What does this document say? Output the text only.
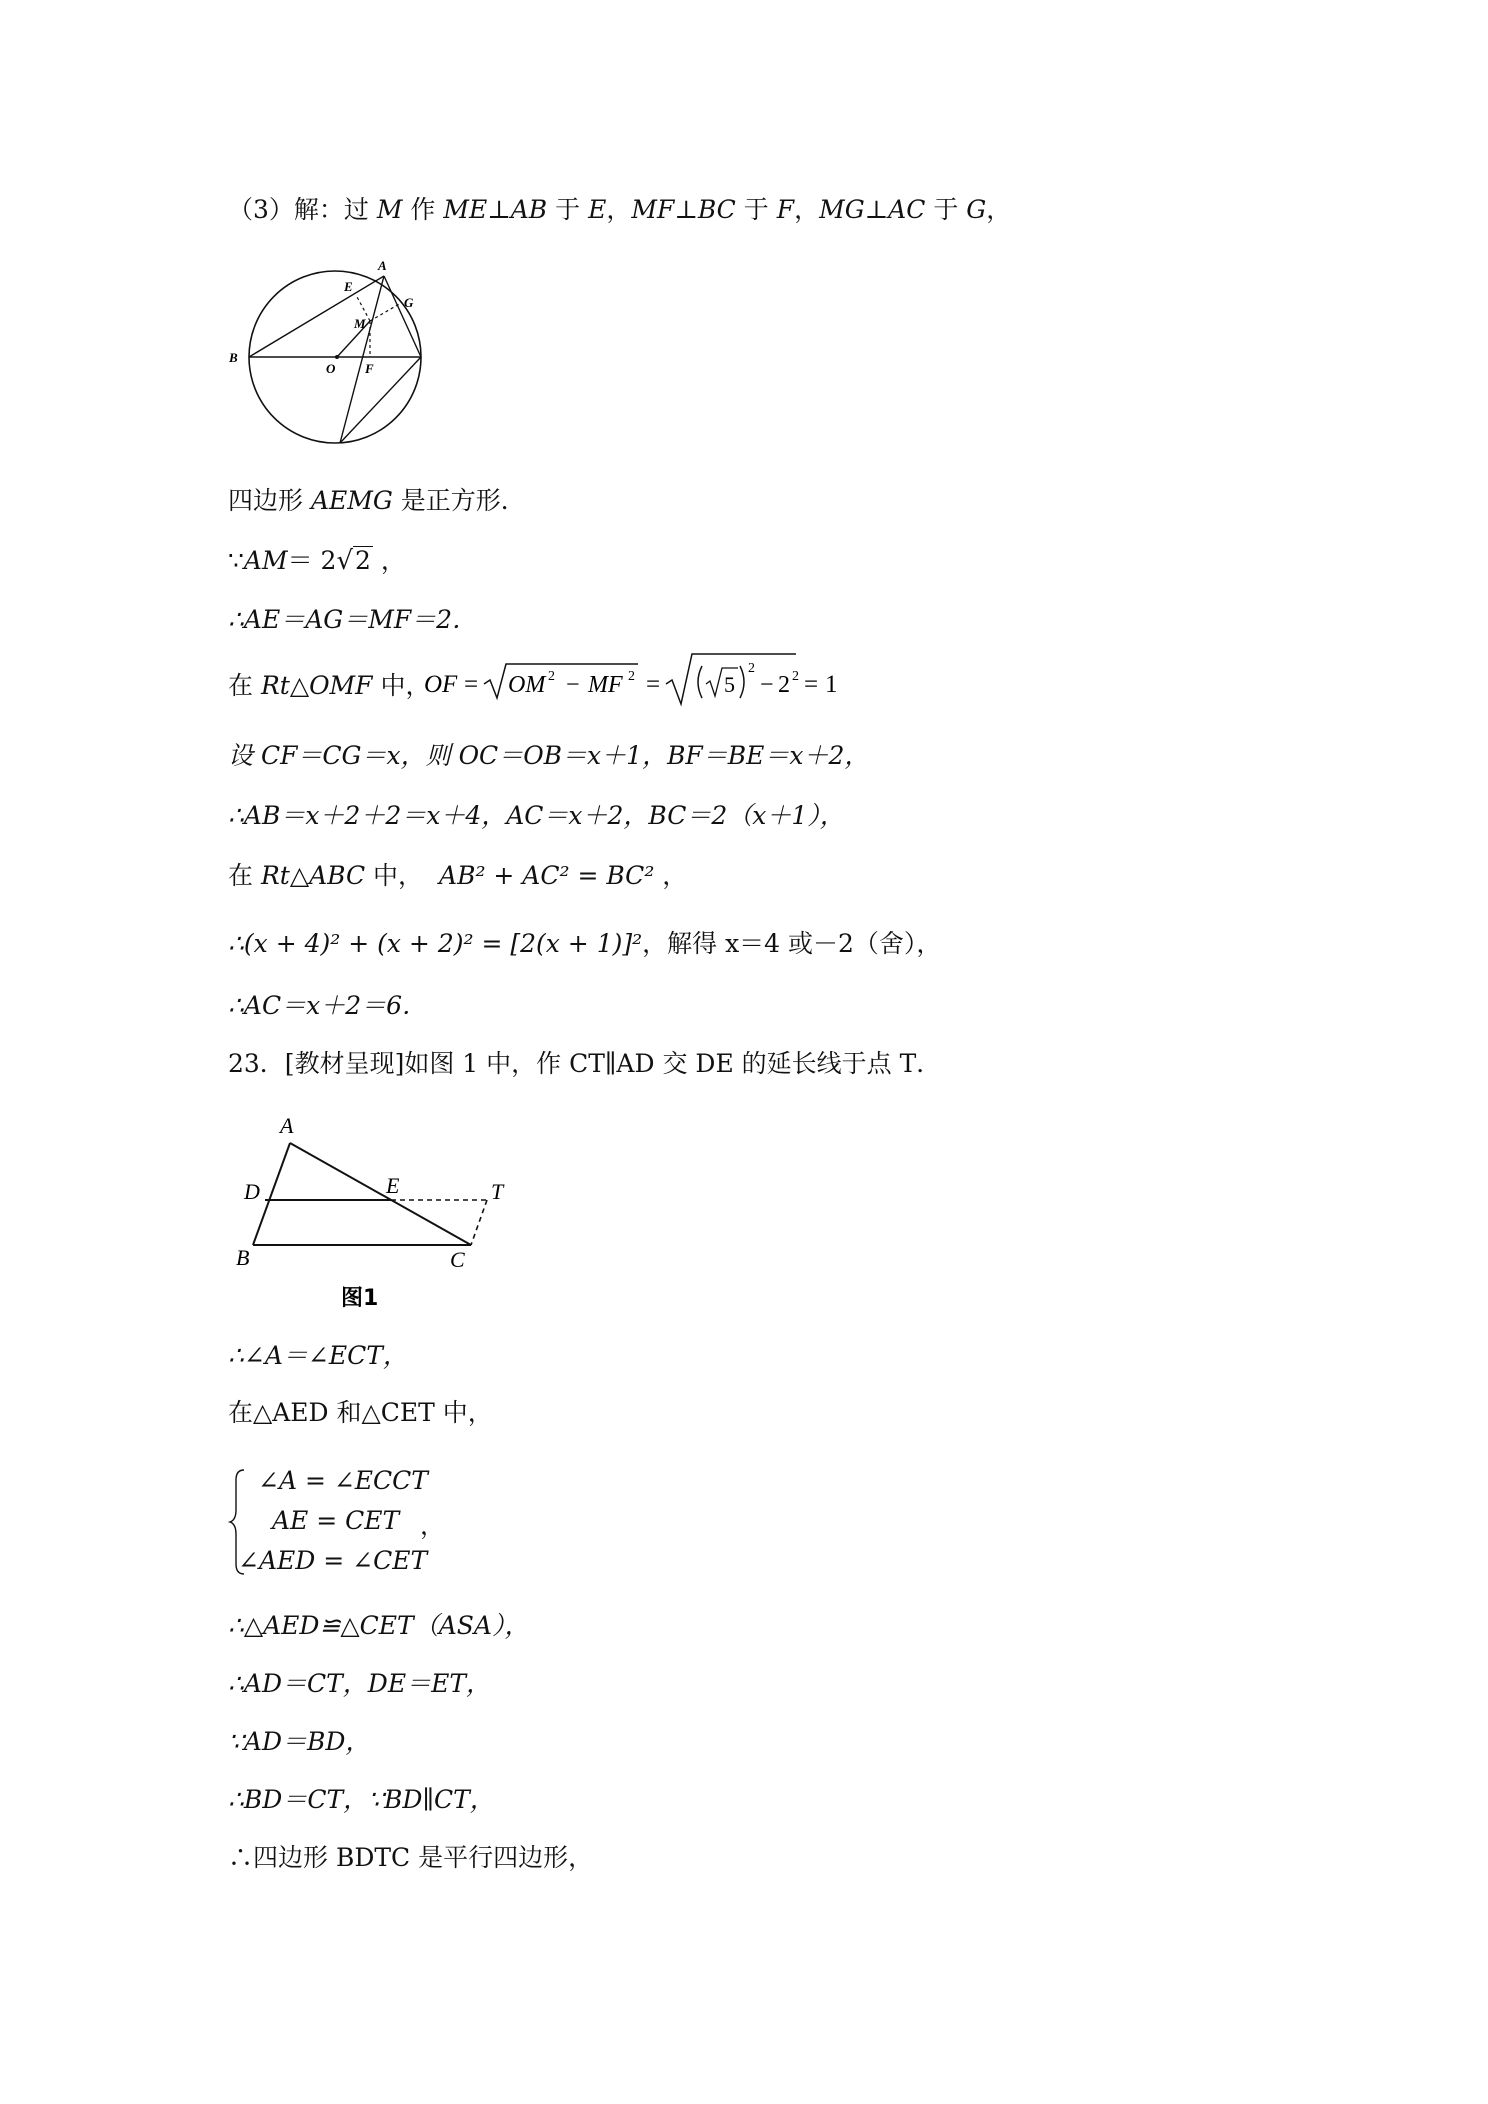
（3）解：过 M 作 ME⊥AB 于 E，MF⊥BC 于 F，MG⊥AC 于 G，
A
B
E
G
M
O F
四边形 AEMG 是正方形．
∵AM＝ 2√2 ，
∴AE＝AG＝MF＝2．
在 Rt△OMF 中，
OF = OM 2 − MF 2 =	5
2
− 2 2 = 1
设 CF＝CG＝x，则 OC＝OB＝x＋1，BF＝BE＝x＋2，
∴AB＝x＋2＋2＝x＋4，AC＝x＋2，BC＝2（x＋1），
在 Rt△ABC 中， AB² + AC² = BC² ，
∴(x + 4)² + (x + 2)² = [2(x + 1)]²，解得 x＝4 或－2（舍），
∴AC＝x＋2＝6．
23．[教材呈现]如图 1 中，作 CT∥AD 交 DE 的延长线于点 T．
A
D	E	T
B	C
图1
∴∠A＝∠ECT，
在△AED 和△CET 中，
∠A = ∠ECCT
AE = CET
∠AED = ∠CET
，
∴△AED≌△CET（ASA），
∴AD＝CT，DE＝ET，
∵AD＝BD，
∴BD＝CT，∵BD∥CT，
∴四边形 BDTC 是平行四边形，
